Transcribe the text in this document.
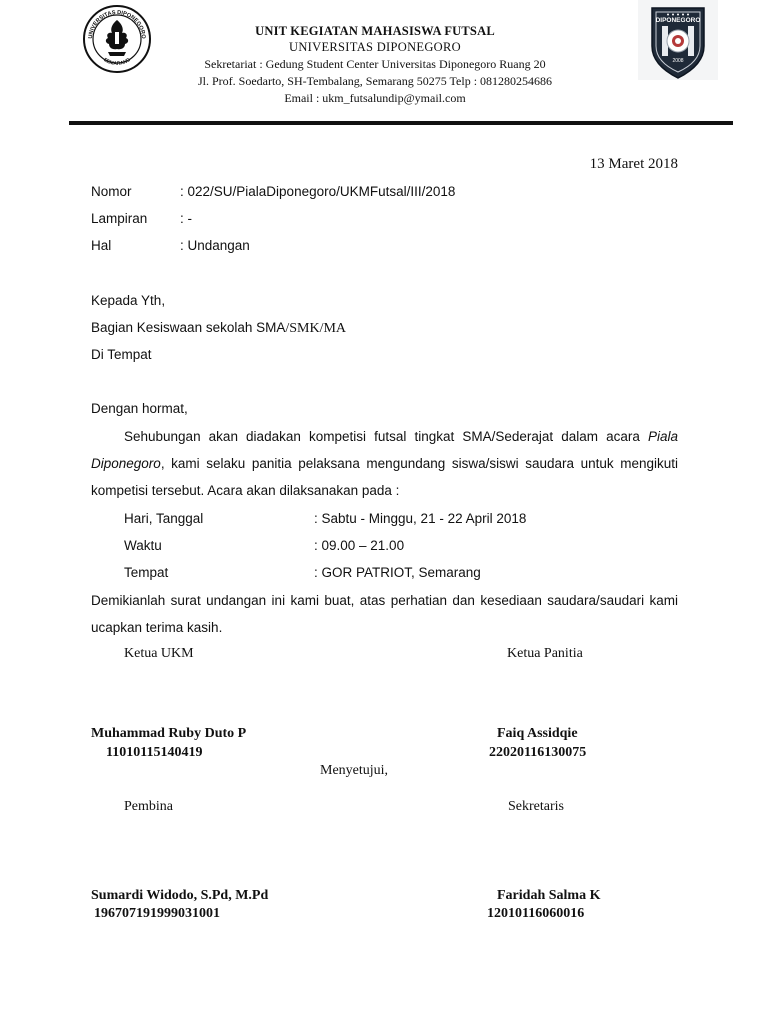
UNIVERSITAS DIPONEGORO
SEMARANG
UNIT KEGIATAN MAHASISWA FUTSAL
UNIVERSITAS DIPONEGORO
Sekretariat : Gedung Student Center Universitas Diponegoro Ruang 20
Jl. Prof. Soedarto, SH-Tembalang, Semarang 50275 Telp : 081280254686
Email : ukm_futsalundip@ymail.com
DIPONEGORO
2008
13 Maret 2018
Nomor	: 022/SU/PialaDiponegoro/UKMFutsal/III/2018
Lampiran : -
Hal	: Undangan
Kepada Yth,
Bagian Kesiswaan sekolah SMA/SMK/MA
Di Tempat
Dengan hormat,
Sehubungan akan diadakan kompetisi futsal tingkat SMA/Sederajat dalam acara Piala Diponegoro, kami selaku panitia pelaksana mengundang siswa/siswi saudara untuk mengikuti kompetisi tersebut. Acara akan dilaksanakan pada :
Hari, Tanggal	: Sabtu - Minggu, 21 - 22 April 2018
Waktu	: 09.00 – 21.00
Tempat	: GOR PATRIOT, Semarang
Demikianlah surat undangan ini kami buat, atas perhatian dan kesediaan saudara/saudari kami ucapkan terima kasih.
Ketua UKM	Ketua Panitia
Muhammad Ruby Duto P
11010115140419
Faiq Assidqie
22020116130075
Menyetujui,
Pembina	Sekretaris
Sumardi Widodo, S.Pd, M.Pd
196707191999031001
Faridah Salma K
12010116060016
